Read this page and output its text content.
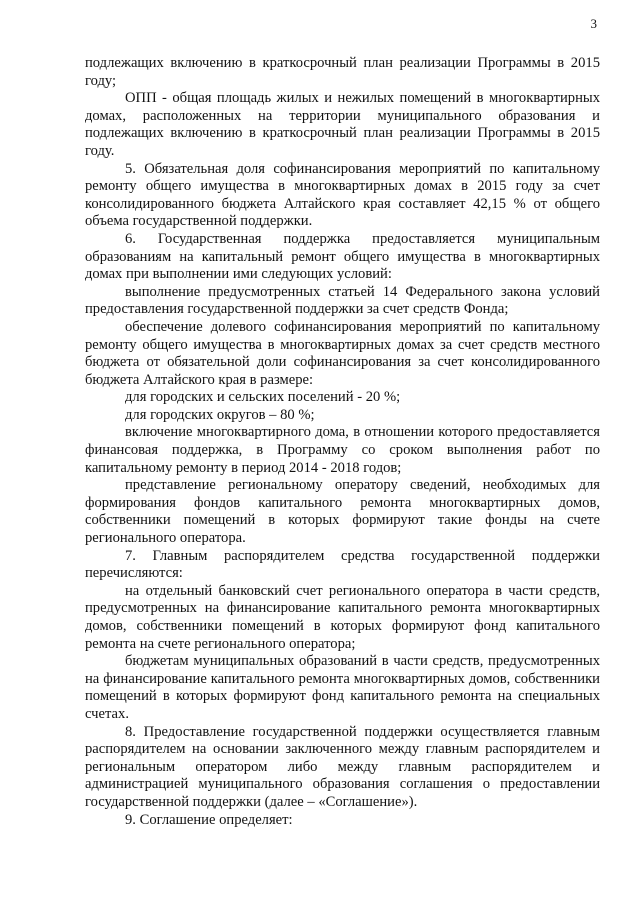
3

подлежащих включению в краткосрочный план реализации Программы в 2015 году;

ОПП - общая площадь жилых и нежилых помещений в многоквартирных домах, расположенных на территории муниципального образования и подлежащих включению в краткосрочный план реализации Программы в 2015 году.

5. Обязательная доля софинансирования мероприятий по капитальному ремонту общего имущества в многоквартирных домах в 2015 году за счет консолидированного бюджета Алтайского края составляет 42,15 % от общего объема государственной поддержки.

6. Государственная поддержка предоставляется муниципальным образованиям на капитальный ремонт общего имущества в многоквартирных домах при выполнении ими следующих условий:

выполнение предусмотренных статьей 14 Федерального закона условий предоставления государственной поддержки за счет средств Фонда;

обеспечение долевого софинансирования мероприятий по капитальному ремонту общего имущества в многоквартирных домах за счет средств местного бюджета от обязательной доли софинансирования за счет консолидированного бюджета Алтайского края в размере:

для городских и сельских поселений - 20 %;

для городских округов – 80 %;

включение многоквартирного дома, в отношении которого предоставляется финансовая поддержка, в Программу со сроком выполнения работ по капитальному ремонту в период 2014 - 2018 годов;

представление региональному оператору сведений, необходимых для формирования фондов капитального ремонта многоквартирных домов, собственники помещений в которых формируют такие фонды на счете регионального оператора.

7. Главным распорядителем средства государственной поддержки перечисляются:

на отдельный банковский счет регионального оператора в части средств, предусмотренных на финансирование капитального ремонта многоквартирных домов, собственники помещений в которых формируют фонд капитального ремонта на счете регионального оператора;

бюджетам муниципальных образований в части средств, предусмотренных на финансирование капитального ремонта многоквартирных домов, собственники помещений в которых формируют фонд капитального ремонта на специальных счетах.

8. Предоставление государственной поддержки осуществляется главным распорядителем на основании заключенного между главным распорядителем и региональным оператором либо между главным распорядителем и администрацией муниципального образования соглашения о предоставлении государственной поддержки (далее – «Соглашение»).

9. Соглашение определяет:
